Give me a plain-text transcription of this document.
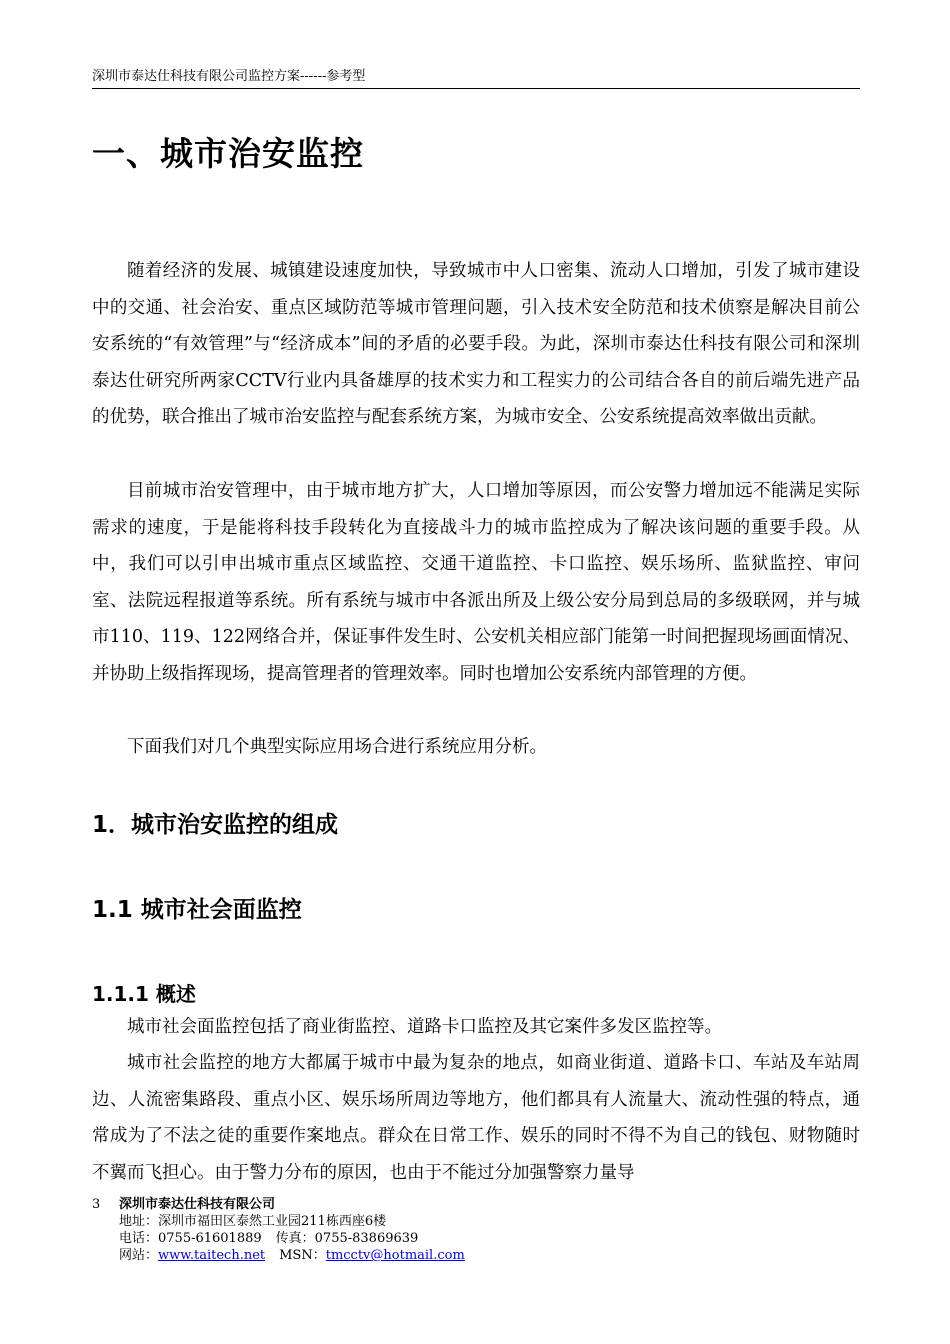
深圳市泰达仕科技有限公司监控方案------参考型
一、城市治安监控

随着经济的发展、城镇建设速度加快，导致城市中人口密集、流动人口增加，引发了城市建设中的交通、社会治安、重点区域防范等城市管理问题，引入技术安全防范和技术侦察是解决目前公安系统的“有效管理”与“经济成本”间的矛盾的必要手段。为此，深圳市泰达仕科技有限公司和深圳泰达仕研究所两家CCTV行业内具备雄厚的技术实力和工程实力的公司结合各自的前后端先进产品的优势，联合推出了城市治安监控与配套系统方案，为城市安全、公安系统提高效率做出贡献。

目前城市治安管理中，由于城市地方扩大，人口增加等原因，而公安警力增加远不能满足实际需求的速度，于是能将科技手段转化为直接战斗力的城市监控成为了解决该问题的重要手段。从中，我们可以引申出城市重点区域监控、交通干道监控、卡口监控、娱乐场所、监狱监控、审问室、法院远程报道等系统。所有系统与城市中各派出所及上级公安分局到总局的多级联网，并与城市110、119、122网络合并，保证事件发生时、公安机关相应部门能第一时间把握现场画面情况、并协助上级指挥现场，提高管理者的管理效率。同时也增加公安系统内部管理的方便。

下面我们对几个典型实际应用场合进行系统应用分析。

1．城市治安监控的组成
1.1 城市社会面监控
1.1.1 概述

城市社会面监控包括了商业街监控、道路卡口监控及其它案件多发区监控等。

城市社会监控的地方大都属于城市中最为复杂的地点，如商业街道、道路卡口、车站及车站周边、人流密集路段、重点小区、娱乐场所周边等地方，他们都具有人流量大、流动性强的特点，通常成为了不法之徒的重要作案地点。群众在日常工作、娱乐的同时不得不为自己的钱包、财物随时不翼而飞担心。由于警力分布的原因，也由于不能过分加强警察力量导

3 深圳市泰达仕科技有限公司
地址：深圳市福田区泰然工业园211栋西座6楼
电话：0755-61601889 传真：0755-83869639
网站：www.taitech.net MSN：tmcctv@hotmail.com
